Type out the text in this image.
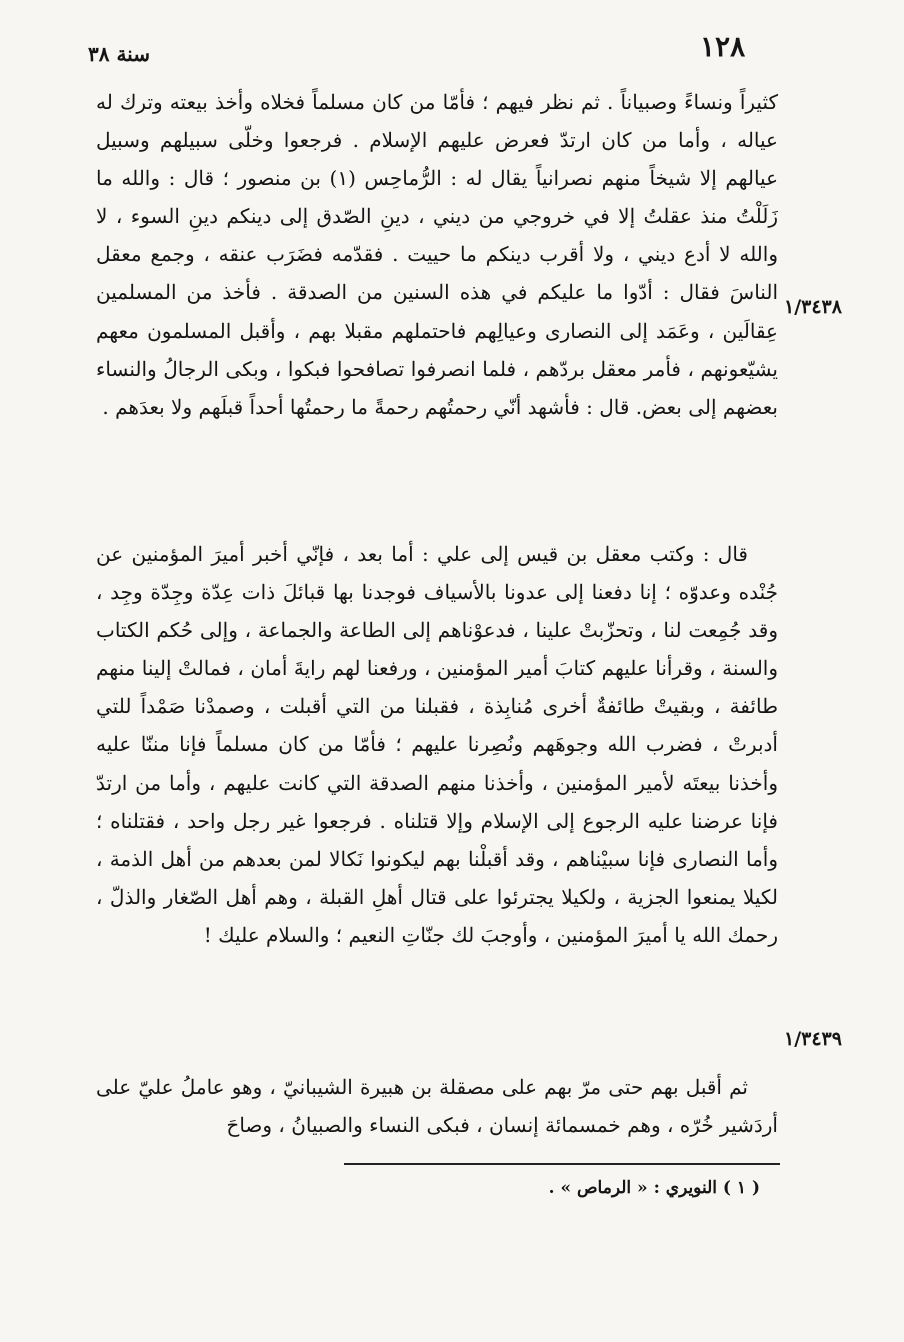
١٢٨
سنة ٣٨
١/٣٤٣٨
١/٣٤٣٩

كثيراً ونساءً وصبياناً . ثم نظر فيهم ؛ فأمّا من كان مسلماً فخلاه وأخذ بيعته وترك له عياله ، وأما من كان ارتدّ فعرض عليهم الإسلام . فرجعوا وخلّى سبيلهم وسبيل عيالهم إلا شيخاً منهم نصرانياً يقال له : الرُّماحِس (١) بن منصور ؛ قال : والله ما زَلَلْتُ منذ عقلتُ إلا في خروجي من ديني ، دينِ الصّدق إلى دينكم دينِ السوء ، لا والله لا أدع ديني ، ولا أقرب دينكم ما حييت . فقدّمه فضَرَب عنقه ، وجمع معقل الناسَ فقال : أدّوا ما عليكم في هذه السنين من الصدقة . فأخذ من المسلمين عِقالَين ، وعَمَد إلى النصارى وعيالِهم فاحتملهم مقبلا بهم ، وأقبل المسلمون معهم يشيّعونهم ، فأمر معقل بردّهم ، فلما انصرفوا تصافحوا فبكوا ، وبكى الرجالُ والنساء بعضهم إلى بعض. قال : فأشهد أنّي رحمتُهم رحمةً ما رحمتُها أحداً قبلَهم ولا بعدَهم .

قال : وكتب معقل بن قيس إلى علي : أما بعد ، فإنّي أخبر أميرَ المؤمنين عن جُنْده وعدوّه ؛ إنا دفعنا إلى عدونا بالأسياف فوجدنا بها قبائلَ ذات عِدّة وجِدّة وجِد ، وقد جُمِعت لنا ، وتحزّبتْ علينا ، فدعوْناهم إلى الطاعة والجماعة ، وإلى حُكم الكتاب والسنة ، وقرأنا عليهم كتابَ أمير المؤمنين ، ورفعنا لهم رايةَ أمان ، فمالتْ إلينا منهم طائفة ، وبقيتْ طائفةٌ أخرى مُنابِذة ، فقبلنا من التي أقبلت ، وصمدْنا صَمْداً للتي أدبرتْ ، فضرب الله وجوهَهم ونُصِرنا عليهم ؛ فأمّا من كان مسلماً فإنا مننّا عليه وأخذنا بيعتَه لأمير المؤمنين ، وأخذنا منهم الصدقة التي كانت عليهم ، وأما من ارتدّ فإنا عرضنا عليه الرجوع إلى الإسلام وإلا قتلناه . فرجعوا غير رجل واحد ، فقتلناه ؛ وأما النصارى فإنا سبيْناهم ، وقد أقبلْنا بهم ليكونوا نَكالا لمن بعدهم من أهل الذمة ، لكيلا يمنعوا الجزية ، ولكيلا يجترئوا على قتال أهلِ القبلة ، وهم أهل الصّغار والذلّ ، رحمك الله يا أميرَ المؤمنين ، وأوجبَ لك جنّاتِ النعيم ؛ والسلام عليك !

ثم أقبل بهم حتى مرّ بهم على مصقلة بن هبيرة الشيبانيّ ، وهو عاملُ عليّ على أردَشير خُرّه ، وهم خمسمائة إنسان ، فبكى النساء والصبيانُ ، وصاحَ

( ١ ) النويري : « الرماص » .
